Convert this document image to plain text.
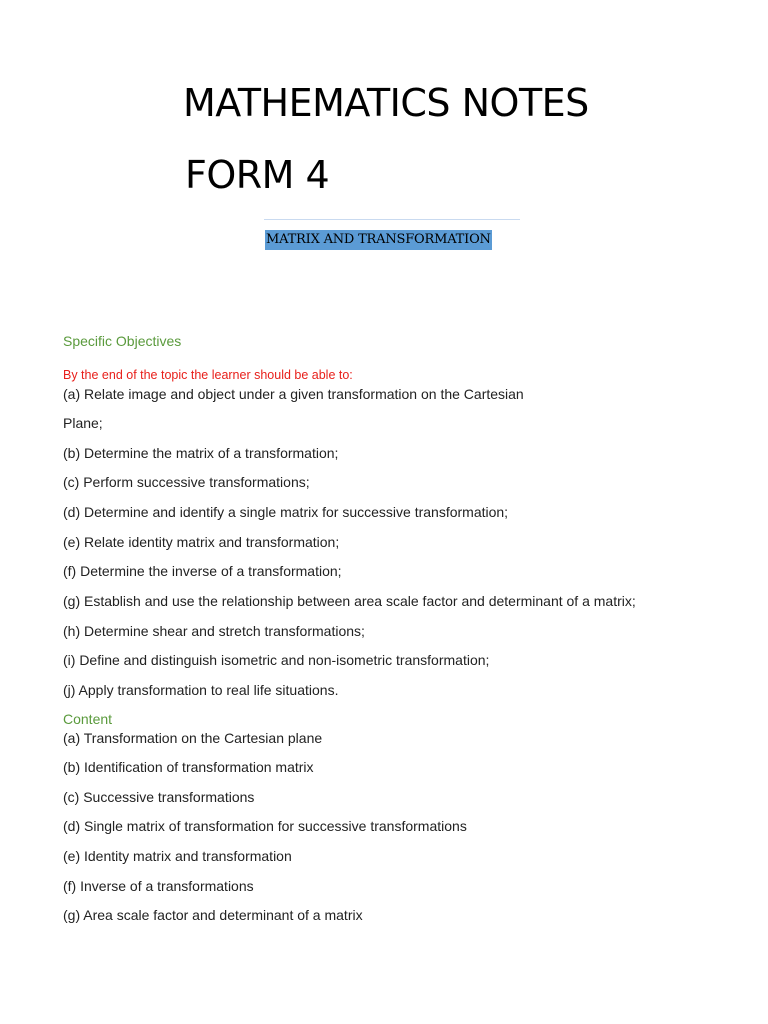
MATHEMATICS NOTES
FORM 4
MATRIX AND TRANSFORMATION
Specific Objectives

By the end of the topic the learner should be able to:

(a) Relate image and object under a given transformation on the Cartesian

Plane;

(b) Determine the matrix of a transformation;

(c) Perform successive transformations;

(d) Determine and identify a single matrix for successive transformation;

(e) Relate identity matrix and transformation;

(f) Determine the inverse of a transformation;

(g) Establish and use the relationship between area scale factor and determinant of a matrix;

(h) Determine shear and stretch transformations;

(i) Define and distinguish isometric and non-isometric transformation;

(j) Apply transformation to real life situations.

Content

(a) Transformation on the Cartesian plane

(b) Identification of transformation matrix

(c) Successive transformations

(d) Single matrix of transformation for successive transformations

(e) Identity matrix and transformation

(f) Inverse of a transformations

(g) Area scale factor and determinant of a matrix
